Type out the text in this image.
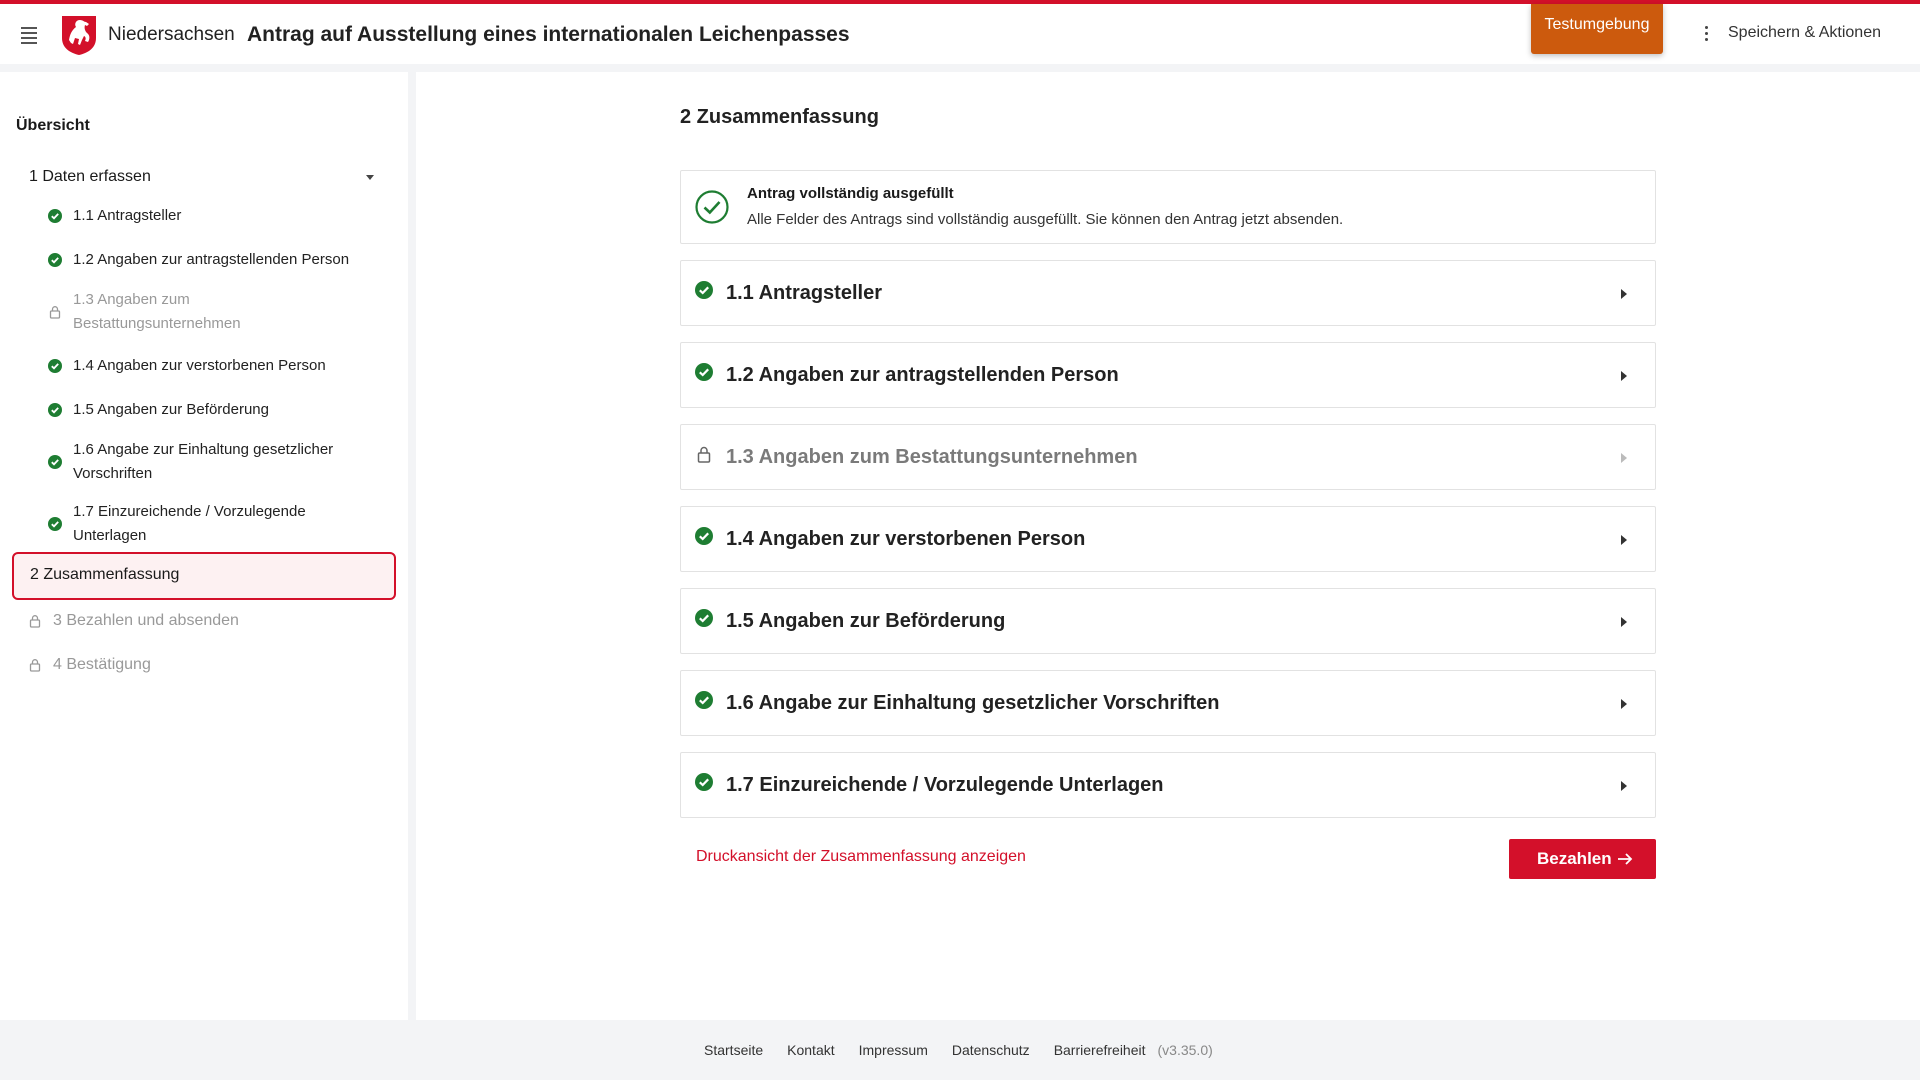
Niedersachsen Antrag auf Ausstellung eines internationalen Leichenpasses	Testumgebung	Speichern & Aktionen
Übersicht
1 Daten erfassen
1.1 Antragsteller
1.2 Angaben zur antragstellenden Person
1.3 Angaben zum Bestattungsunternehmen
1.4 Angaben zur verstorbenen Person
1.5 Angaben zur Beförderung
1.6 Angabe zur Einhaltung gesetzlicher Vorschriften
1.7 Einzureichende / Vorzulegende Unterlagen
2 Zusammenfassung
3 Bezahlen und absenden
4 Bestätigung
2 Zusammenfassung
Antrag vollständig ausgefüllt
Alle Felder des Antrags sind vollständig ausgefüllt. Sie können den Antrag jetzt absenden.
1.1 Antragsteller
1.2 Angaben zur antragstellenden Person
1.3 Angaben zum Bestattungsunternehmen
1.4 Angaben zur verstorbenen Person
1.5 Angaben zur Beförderung
1.6 Angabe zur Einhaltung gesetzlicher Vorschriften
1.7 Einzureichende / Vorzulegende Unterlagen
Druckansicht der Zusammenfassung anzeigen	Bezahlen
Startseite Kontakt Impressum Datenschutz Barrierefreiheit (v3.35.0)
